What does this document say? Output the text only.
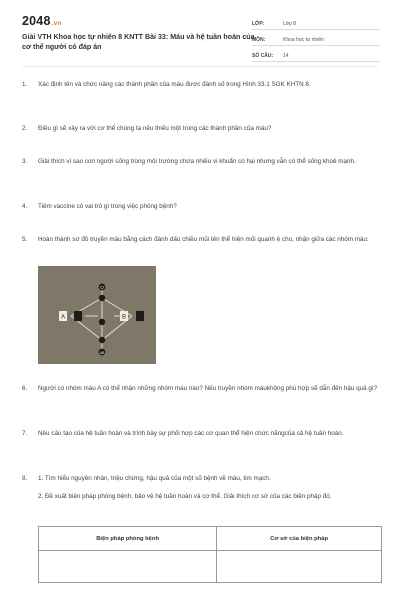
2048.vn
Giải VTH Khoa học tự nhiên 8 KNTT Bài 33: Máu và hệ tuần hoàn của cơ thể người có đáp án
LỚP:	Lớp 8
MÔN:	Khoa học tự nhiên
SỐ CÂU:	14
1.	Xác định tên và chức năng các thành phần của máu được đánh số trong Hình 33.1 SGK KHTN 8.
2.	Điều gì sẽ xảy ra với cơ thể chúng ta nếu thiếu một trong các thành phần của máu?
3.	Giải thích vì sao con người sống trong môi trường chứa nhiều vi khuẩn có hại nhưng vẫn có thể sống khoẻ mạnh.
4.	Tiêm vaccine có vai trò gì trong việc phòng bệnh?
5.	Hoàn thành sơ đồ truyền máu bằng cách đánh dấu chiều mũi tên thể hiện mối quanh ệ cho, nhận giữa các nhóm máu:
A	B
O
AB
6.	Người có nhóm máu A có thể nhận những nhóm máu nào? Nếu truyền nhóm máukhông phù hợp sẽ dẫn đến hậu quả gì?
7.	Nêu cấu tạo của hệ tuần hoàn và trình bày sự phối hợp các cơ quan thể hiện chức năngcủa cả hệ tuần hoàn.
8.	1. Tìm hiểu nguyên nhân, triệu chứng, hậu quả của một số bệnh về máu, tim mạch.
2. Đề xuất biện pháp phòng bệnh, bảo vệ hệ tuần hoàn và cơ thể. Giải thích cơ sở của các biện pháp đó.
Biện pháp phòng bệnh	Cơ sở của biện pháp
